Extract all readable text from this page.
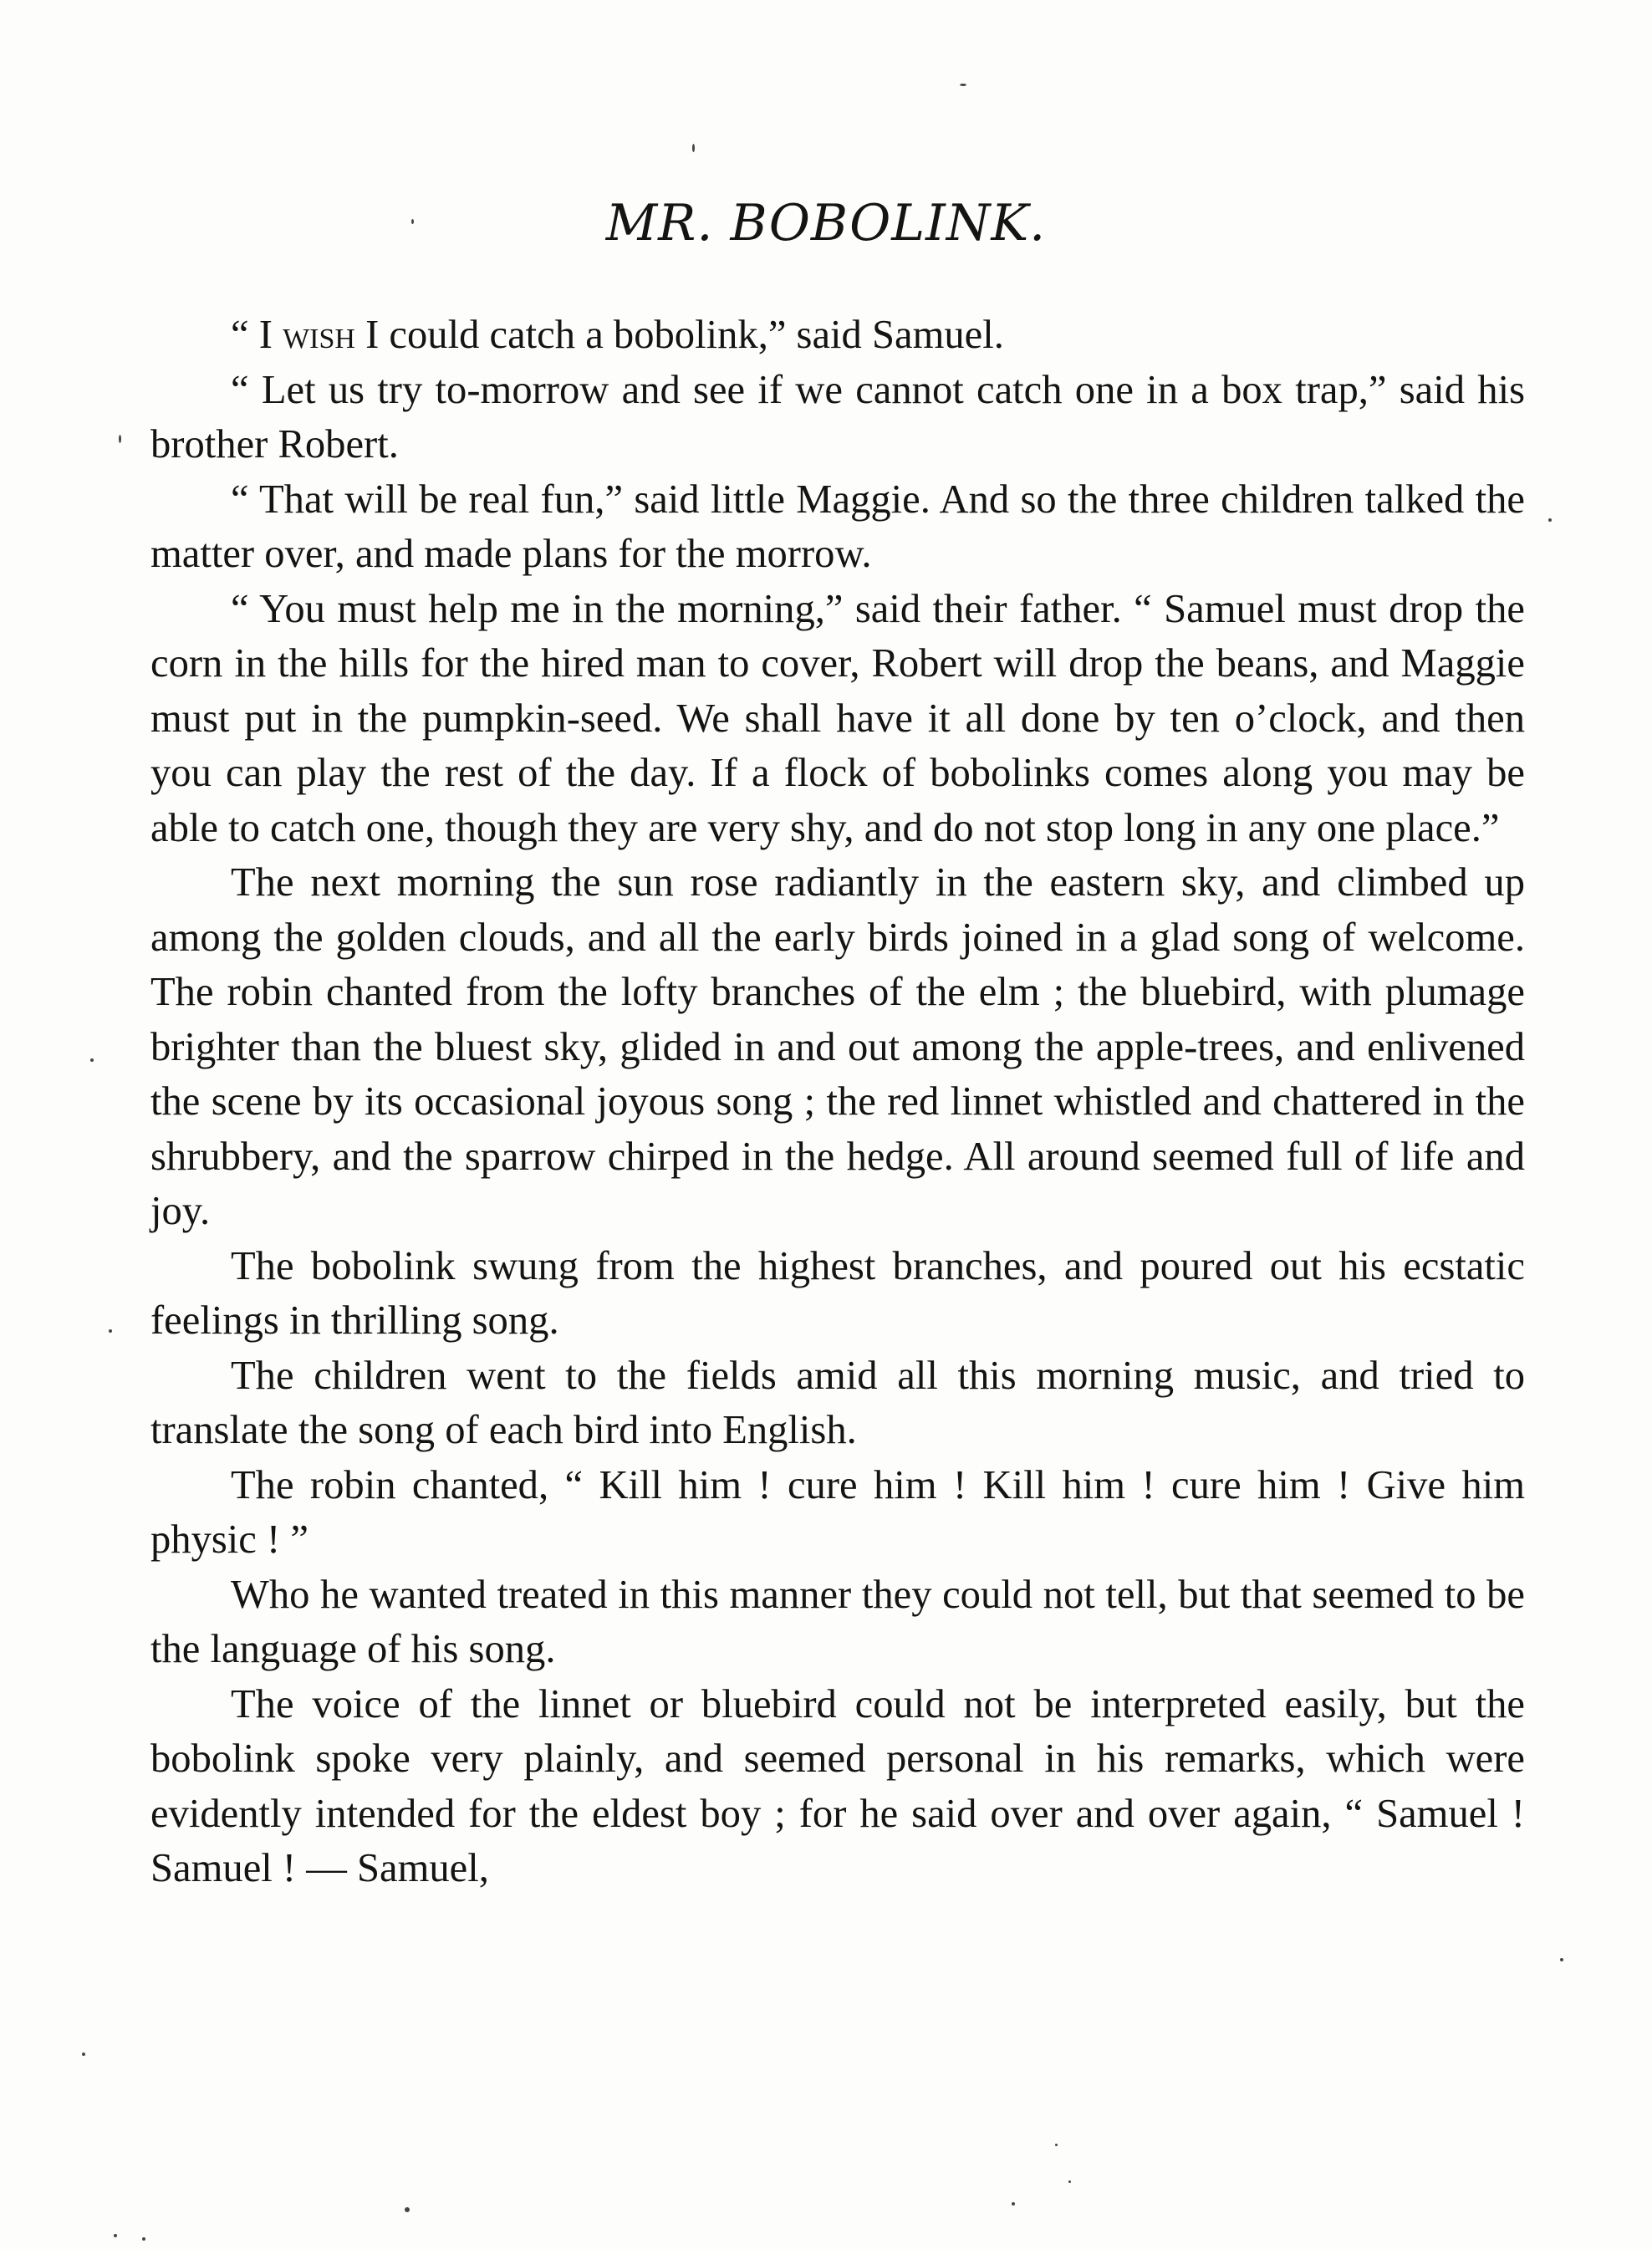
MR. BOBOLINK.

“ I wish I could catch a bobolink,” said Samuel.

“ Let us try to-morrow and see if we cannot catch one in a box trap,” said his brother Robert.

“ That will be real fun,” said little Maggie. And so the three children talked the matter over, and made plans for the morrow.

“ You must help me in the morning,” said their father. “ Samuel must drop the corn in the hills for the hired man to cover, Robert will drop the beans, and Maggie must put in the pumpkin-seed. We shall have it all done by ten o’clock, and then you can play the rest of the day. If a flock of bobolinks comes along you may be able to catch one, though they are very shy, and do not stop long in any one place.”

The next morning the sun rose radiantly in the eastern sky, and climbed up among the golden clouds, and all the early birds joined in a glad song of welcome. The robin chanted from the lofty branches of the elm ; the bluebird, with plumage brighter than the bluest sky, glided in and out among the apple-trees, and enlivened the scene by its occasional joyous song ; the red linnet whistled and chattered in the shrubbery, and the sparrow chirped in the hedge. All around seemed full of life and joy.

The bobolink swung from the highest branches, and poured out his ecstatic feelings in thrilling song.

The children went to the fields amid all this morning music, and tried to translate the song of each bird into English.

The robin chanted, “ Kill him ! cure him ! Kill him ! cure him ! Give him physic ! ”

Who he wanted treated in this manner they could not tell, but that seemed to be the language of his song.

The voice of the linnet or bluebird could not be interpreted easily, but the bobolink spoke very plainly, and seemed personal in his remarks, which were evidently intended for the eldest boy ; for he said over and over again, “ Samuel ! Samuel ! — Samuel,
